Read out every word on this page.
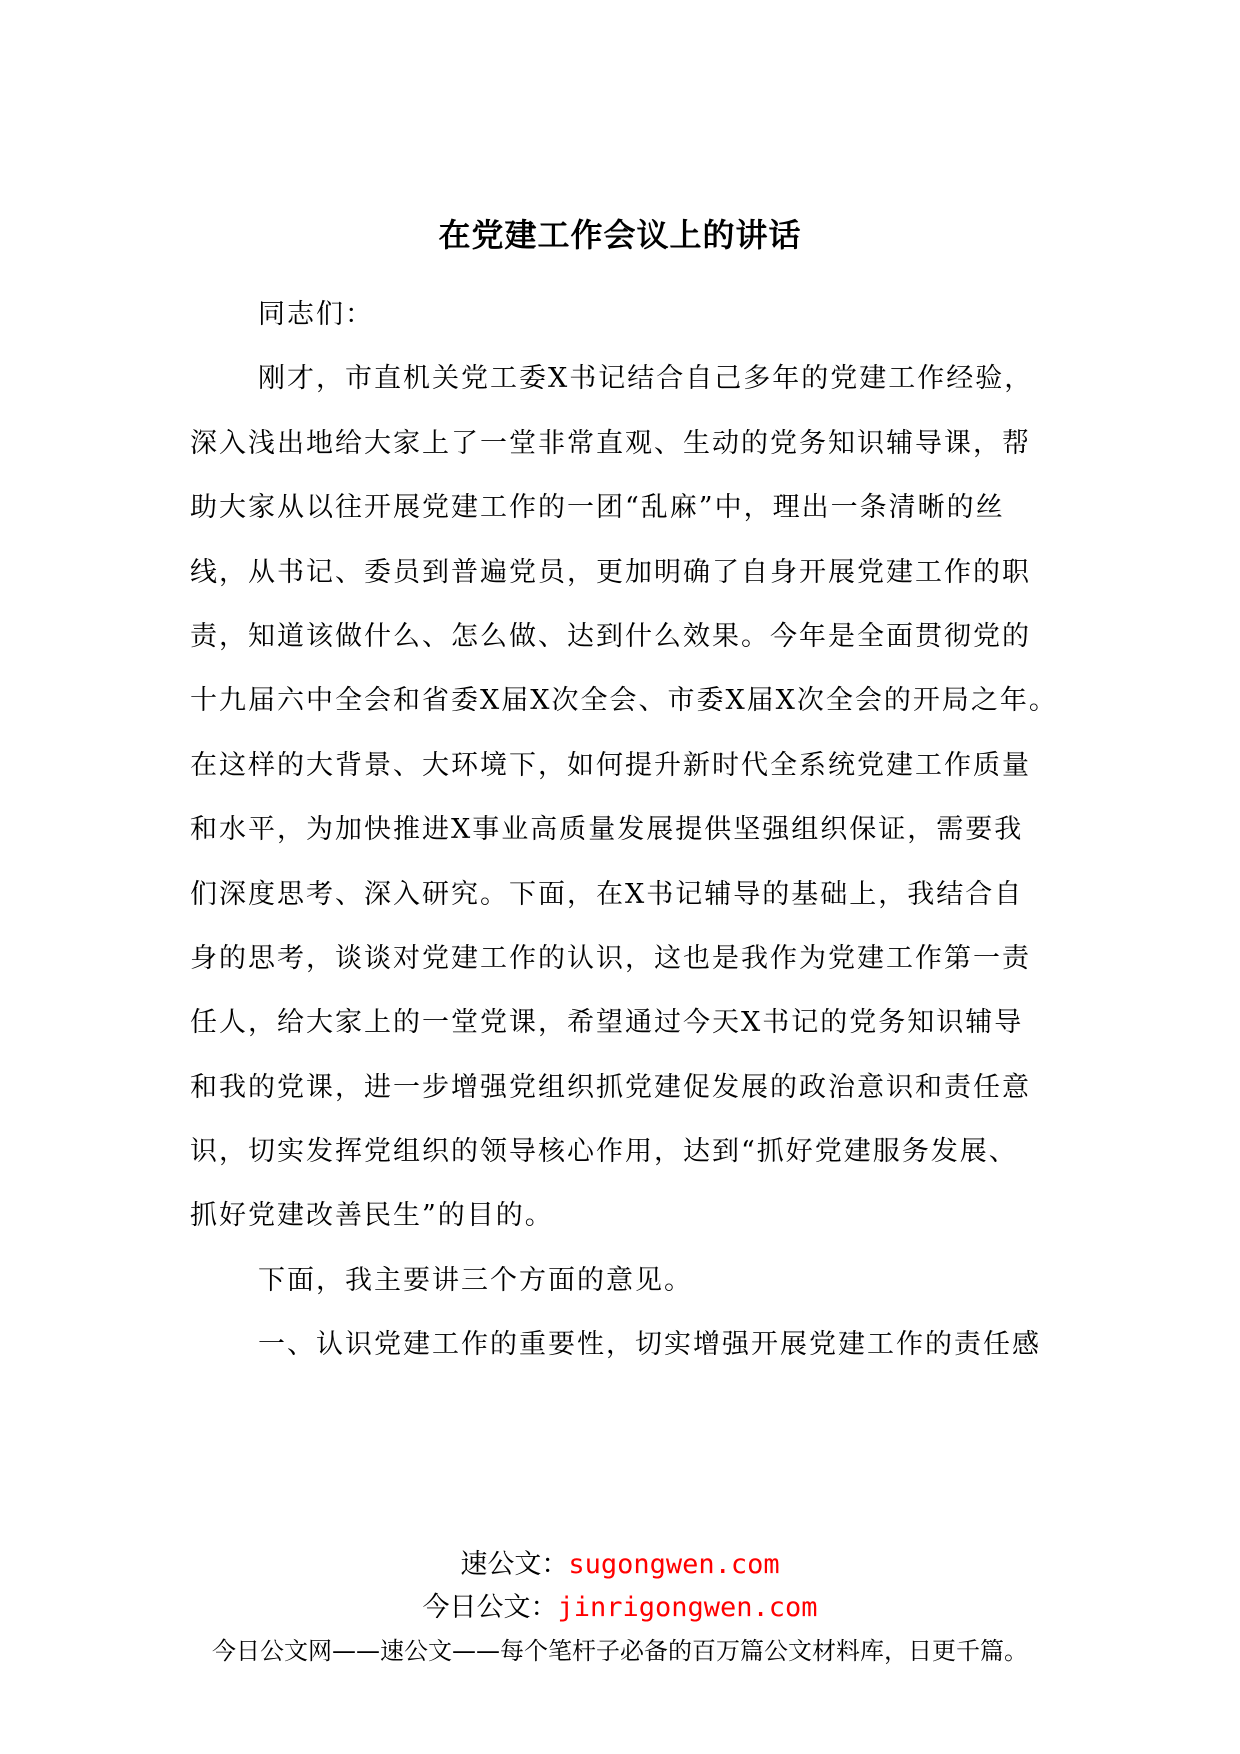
在党建工作会议上的讲话
同志们：
刚才，市直机关党工委X书记结合自己多年的党建工作经验，
深入浅出地给大家上了一堂非常直观、生动的党务知识辅导课，帮
助大家从以往开展党建工作的一团“乱麻”中，理出一条清晰的丝
线，从书记、委员到普遍党员，更加明确了自身开展党建工作的职
责，知道该做什么、怎么做、达到什么效果。今年是全面贯彻党的
十九届六中全会和省委X届X次全会、市委X届X次全会的开局之年。
在这样的大背景、大环境下，如何提升新时代全系统党建工作质量
和水平，为加快推进X事业高质量发展提供坚强组织保证，需要我
们深度思考、深入研究。下面，在X书记辅导的基础上，我结合自
身的思考，谈谈对党建工作的认识，这也是我作为党建工作第一责
任人，给大家上的一堂党课，希望通过今天X书记的党务知识辅导
和我的党课，进一步增强党组织抓党建促发展的政治意识和责任意
识，切实发挥党组织的领导核心作用，达到“抓好党建服务发展、
抓好党建改善民生”的目的。
下面，我主要讲三个方面的意见。
一、认识党建工作的重要性，切实增强开展党建工作的责任感
速公文：sugongwen.com
今日公文：jinrigongwen.com
今日公文网——速公文——每个笔杆子必备的百万篇公文材料库，日更千篇。
